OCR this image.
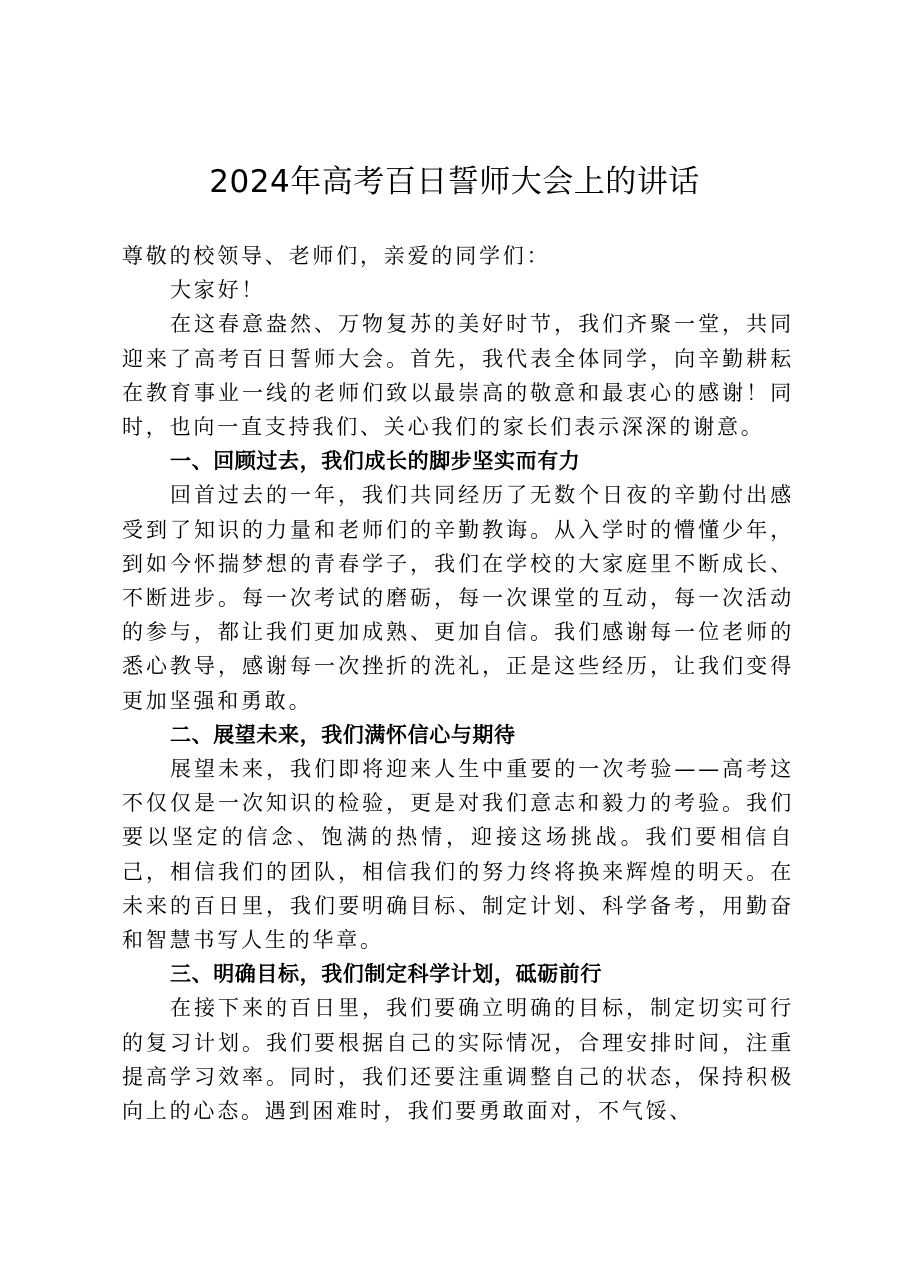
2024年高考百日誓师大会上的讲话

尊敬的校领导、老师们，亲爱的同学们：

大家好！

在这春意盎然、万物复苏的美好时节，我们齐聚一堂，共同迎来了高考百日誓师大会。首先，我代表全体同学，向辛勤耕耘在教育事业一线的老师们致以最崇高的敬意和最衷心的感谢！同时，也向一直支持我们、关心我们的家长们表示深深的谢意。

一、回顾过去，我们成长的脚步坚实而有力

回首过去的一年，我们共同经历了无数个日夜的辛勤付出感受到了知识的力量和老师们的辛勤教诲。从入学时的懵懂少年，到如今怀揣梦想的青春学子，我们在学校的大家庭里不断成长、不断进步。每一次考试的磨砺，每一次课堂的互动，每一次活动的参与，都让我们更加成熟、更加自信。我们感谢每一位老师的悉心教导，感谢每一次挫折的洗礼，正是这些经历，让我们变得更加坚强和勇敢。

二、展望未来，我们满怀信心与期待

展望未来，我们即将迎来人生中重要的一次考验——高考这不仅仅是一次知识的检验，更是对我们意志和毅力的考验。我们要以坚定的信念、饱满的热情，迎接这场挑战。我们要相信自己，相信我们的团队，相信我们的努力终将换来辉煌的明天。在未来的百日里，我们要明确目标、制定计划、科学备考，用勤奋和智慧书写人生的华章。

三、明确目标，我们制定科学计划，砥砺前行

在接下来的百日里，我们要确立明确的目标，制定切实可行的复习计划。我们要根据自己的实际情况，合理安排时间，注重提高学习效率。同时，我们还要注重调整自己的状态，保持积极向上的心态。遇到困难时，我们要勇敢面对，不气馁、
